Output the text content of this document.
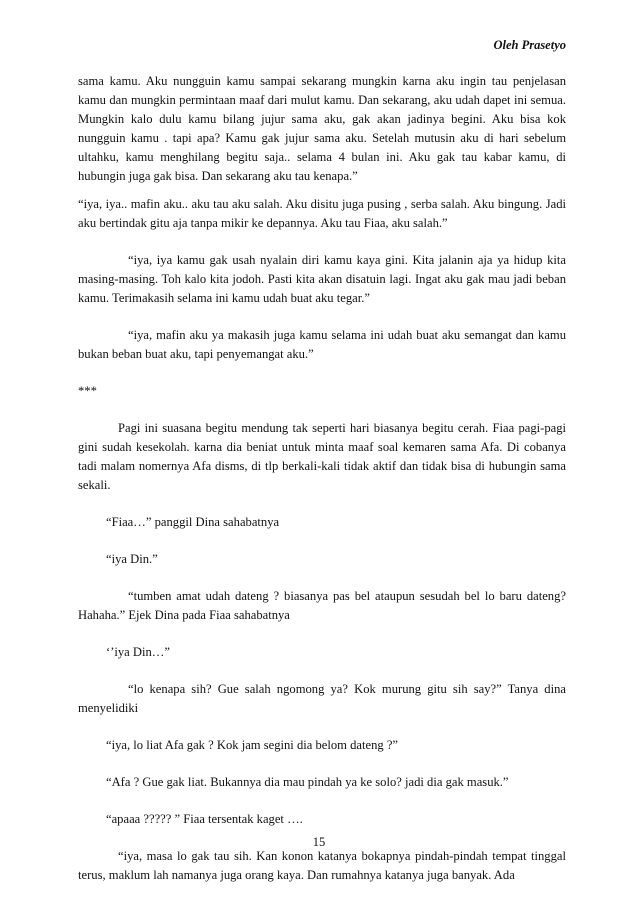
Oleh Prasetyo

sama kamu. Aku nungguin kamu sampai sekarang mungkin karna aku ingin tau penjelasan kamu dan mungkin permintaan maaf dari mulut kamu. Dan sekarang, aku udah dapet ini semua. Mungkin kalo dulu kamu bilang jujur sama aku, gak akan jadinya begini. Aku bisa kok nungguin kamu . tapi apa? Kamu gak jujur sama aku. Setelah mutusin aku di hari sebelum ultahku, kamu menghilang begitu saja.. selama 4 bulan ini. Aku gak tau kabar kamu, di hubungin juga gak bisa. Dan sekarang aku tau kenapa.”

“iya, iya.. mafin aku.. aku tau aku salah. Aku disitu juga pusing , serba salah. Aku bingung. Jadi aku bertindak gitu aja tanpa mikir ke depannya. Aku tau Fiaa, aku salah.”

“iya, iya kamu gak usah nyalain diri kamu kaya gini. Kita jalanin aja ya hidup kita masing-masing. Toh kalo kita jodoh. Pasti kita akan disatuin lagi. Ingat aku gak mau jadi beban kamu. Terimakasih selama ini kamu udah buat aku tegar.”

“iya, mafin aku ya makasih juga kamu selama ini udah buat aku semangat dan kamu bukan beban buat aku, tapi penyemangat aku.”

***

Pagi ini suasana begitu mendung tak seperti hari biasanya begitu cerah. Fiaa pagi-pagi gini sudah kesekolah. karna dia beniat untuk minta maaf soal kemaren sama Afa. Di cobanya tadi malam nomernya Afa disms, di tlp berkali-kali tidak aktif dan tidak bisa di hubungin sama sekali.

“Fiaa…” panggil Dina sahabatnya

“iya Din.”

“tumben amat udah dateng ? biasanya pas bel ataupun sesudah bel lo baru dateng? Hahaha.” Ejek Dina pada Fiaa sahabatnya

‘’iya Din…”

“lo kenapa sih? Gue salah ngomong ya? Kok murung gitu sih say?” Tanya dina menyelidiki

“iya, lo liat Afa gak ? Kok jam segini dia belom dateng ?”

“Afa ? Gue gak liat. Bukannya dia mau pindah ya ke solo? jadi dia gak masuk.”

“apaaa ????? ” Fiaa tersentak kaget ….

“iya, masa lo gak tau sih. Kan konon katanya bokapnya pindah-pindah tempat tinggal terus, maklum lah namanya juga orang kaya. Dan rumahnya katanya juga banyak. Ada

15
